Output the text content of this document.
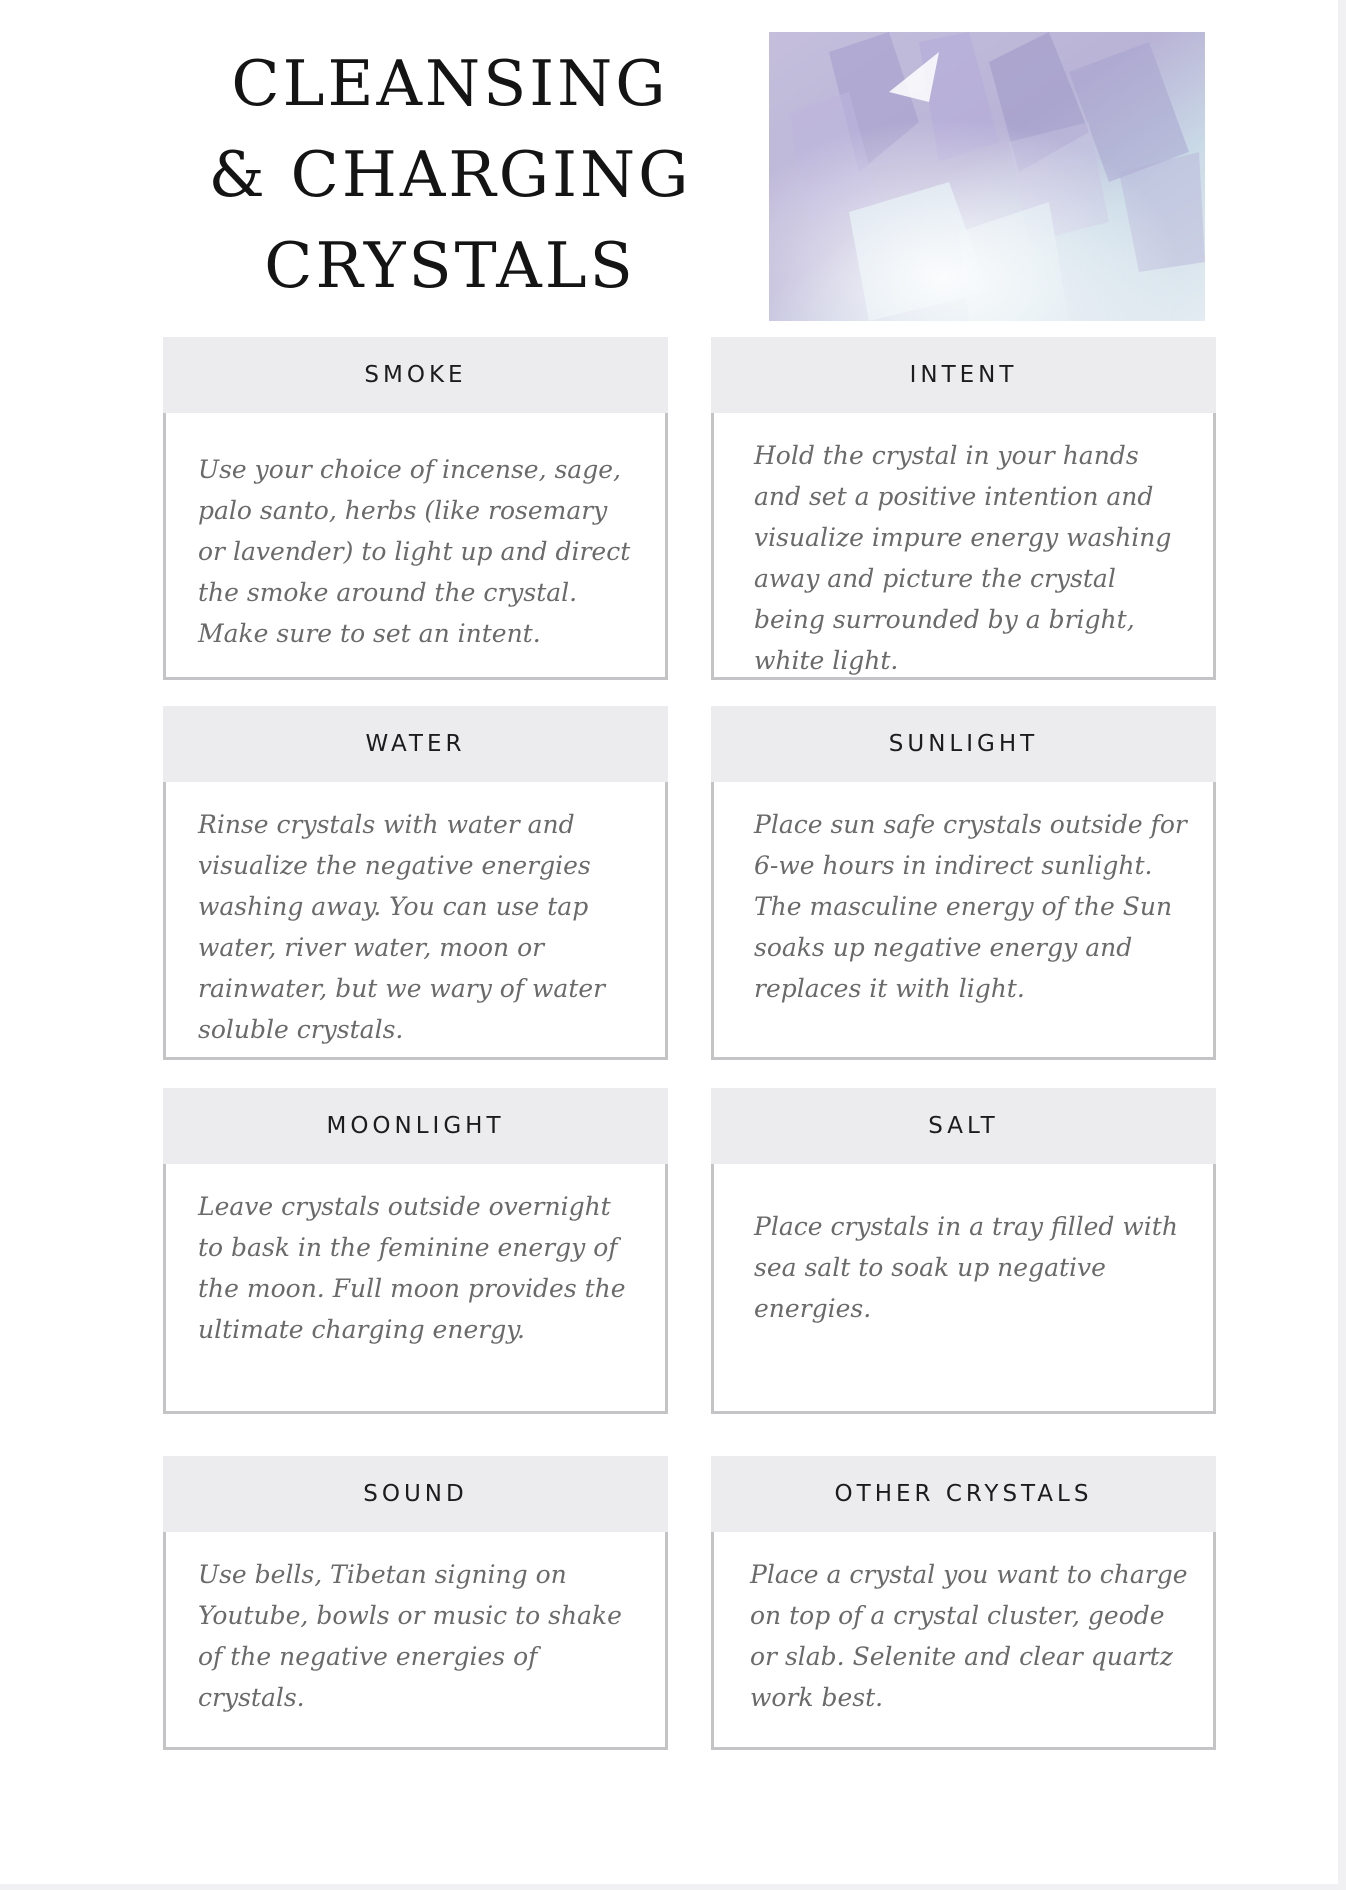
CLEANSING
& CHARGING
CRYSTALS
SMOKE

Use your choice of incense, sage, palo santo, herbs (like rosemary or lavender) to light up and direct the smoke around the crystal. Make sure to set an intent.

INTENT

Hold the crystal in your hands and set a positive intention and visualize impure energy washing away and picture the crystal being surrounded by a bright, white light.

WATER

Rinse crystals with water and visualize the negative energies washing away. You can use tap water, river water, moon or rainwater, but we wary of water soluble crystals.

SUNLIGHT

Place sun safe crystals outside for 6-we hours in indirect sunlight. The masculine energy of the Sun soaks up negative energy and replaces it with light.

MOONLIGHT

Leave crystals outside overnight to bask in the feminine energy of the moon. Full moon provides the ultimate charging energy.

SALT

Place crystals in a tray filled with sea salt to soak up negative energies.

SOUND

Use bells, Tibetan signing on Youtube, bowls or music to shake of the negative energies of crystals.

OTHER CRYSTALS

Place a crystal you want to charge on top of a crystal cluster, geode or slab. Selenite and clear quartz work best.
